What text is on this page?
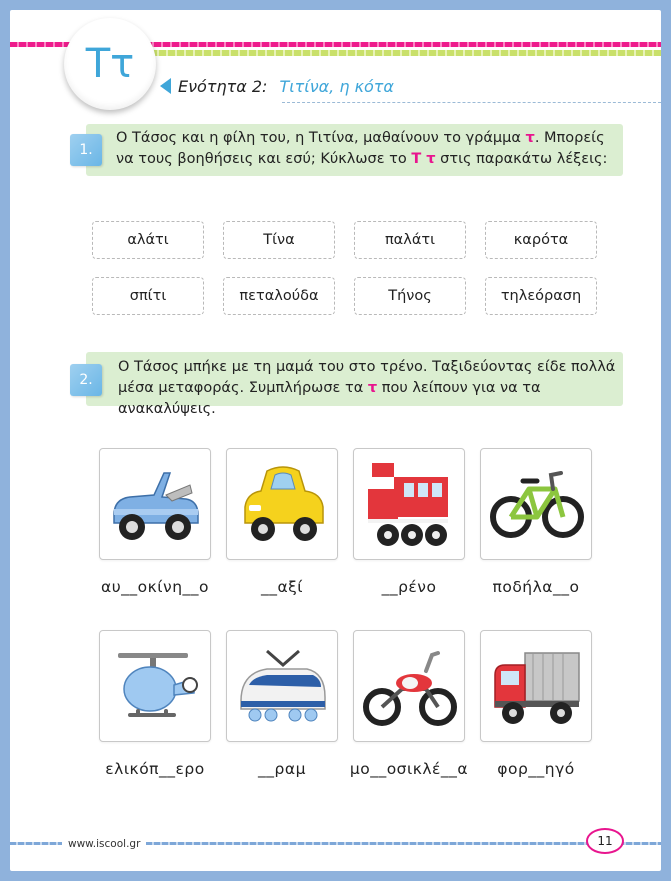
Ττ	Ενότητα 2: Τιτίνα, η κότα
Ο Τάσος και η φίλη του, η Τιτίνα, μαθαίνουν το γράμμα τ. Μπορείς
να τους βοηθήσεις και εσύ; Κύκλωσε το Τ τ στις παρακάτω λέξεις:
1.
αλάτι	Τίνα	παλάτι	καρότα
σπίτι	πεταλούδα	Τήνος	τηλεόραση
Ο Τάσος μπήκε με τη μαμά του στο τρένο. Ταξιδεύοντας είδε πολλά
μέσα μεταφοράς. Συμπλήρωσε τα τ που λείπουν για να τα ανακαλύψεις.
2.
αυ__οκίνη__ο	__αξί	__ρένο	ποδήλα__ο
ελικόπ__ερο	__ραμ	μο__οσικλέ__α	φορ__ηγό
www.iscool.gr	11
